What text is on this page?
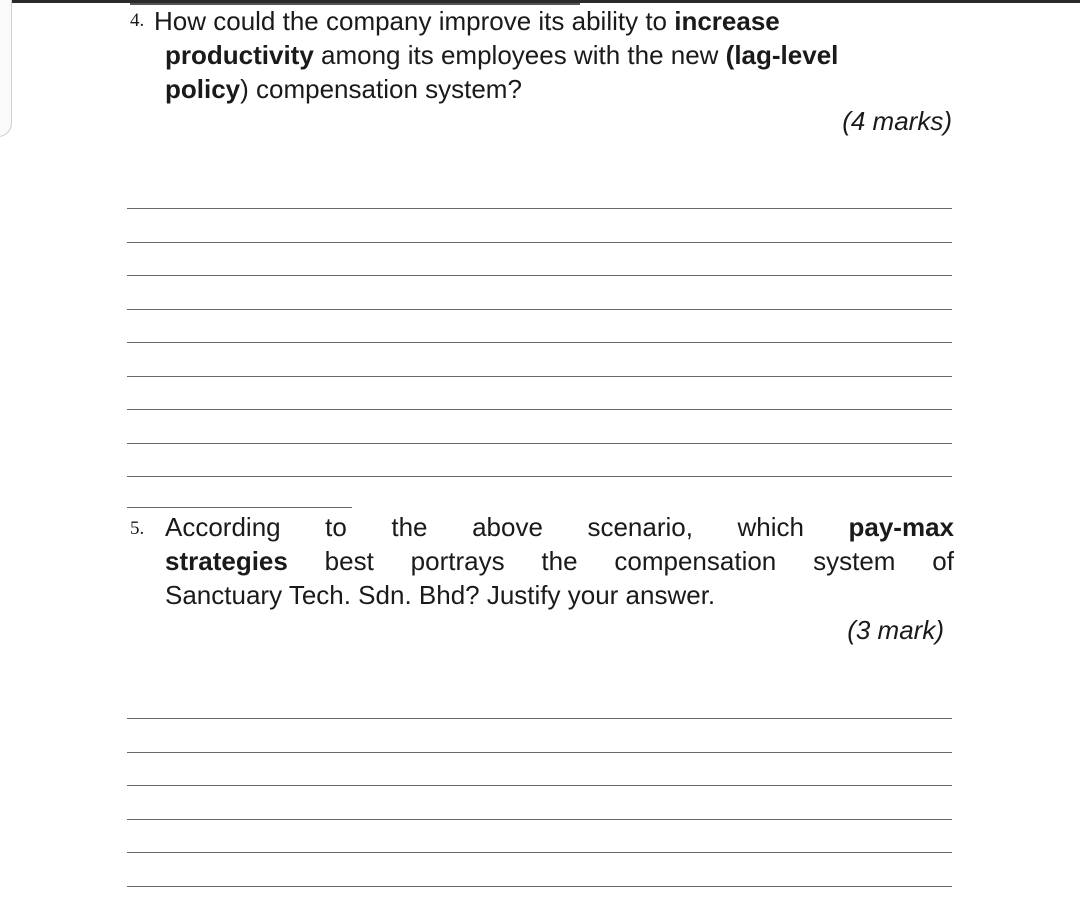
4. How could the company improve its ability to increase
productivity among its employees with the new (lag-level
policy) compensation system?
(4 marks)
5. According to the above scenario, which pay-max
strategies best portrays the compensation system of
Sanctuary Tech. Sdn. Bhd? Justify your answer.
(3 mark)
